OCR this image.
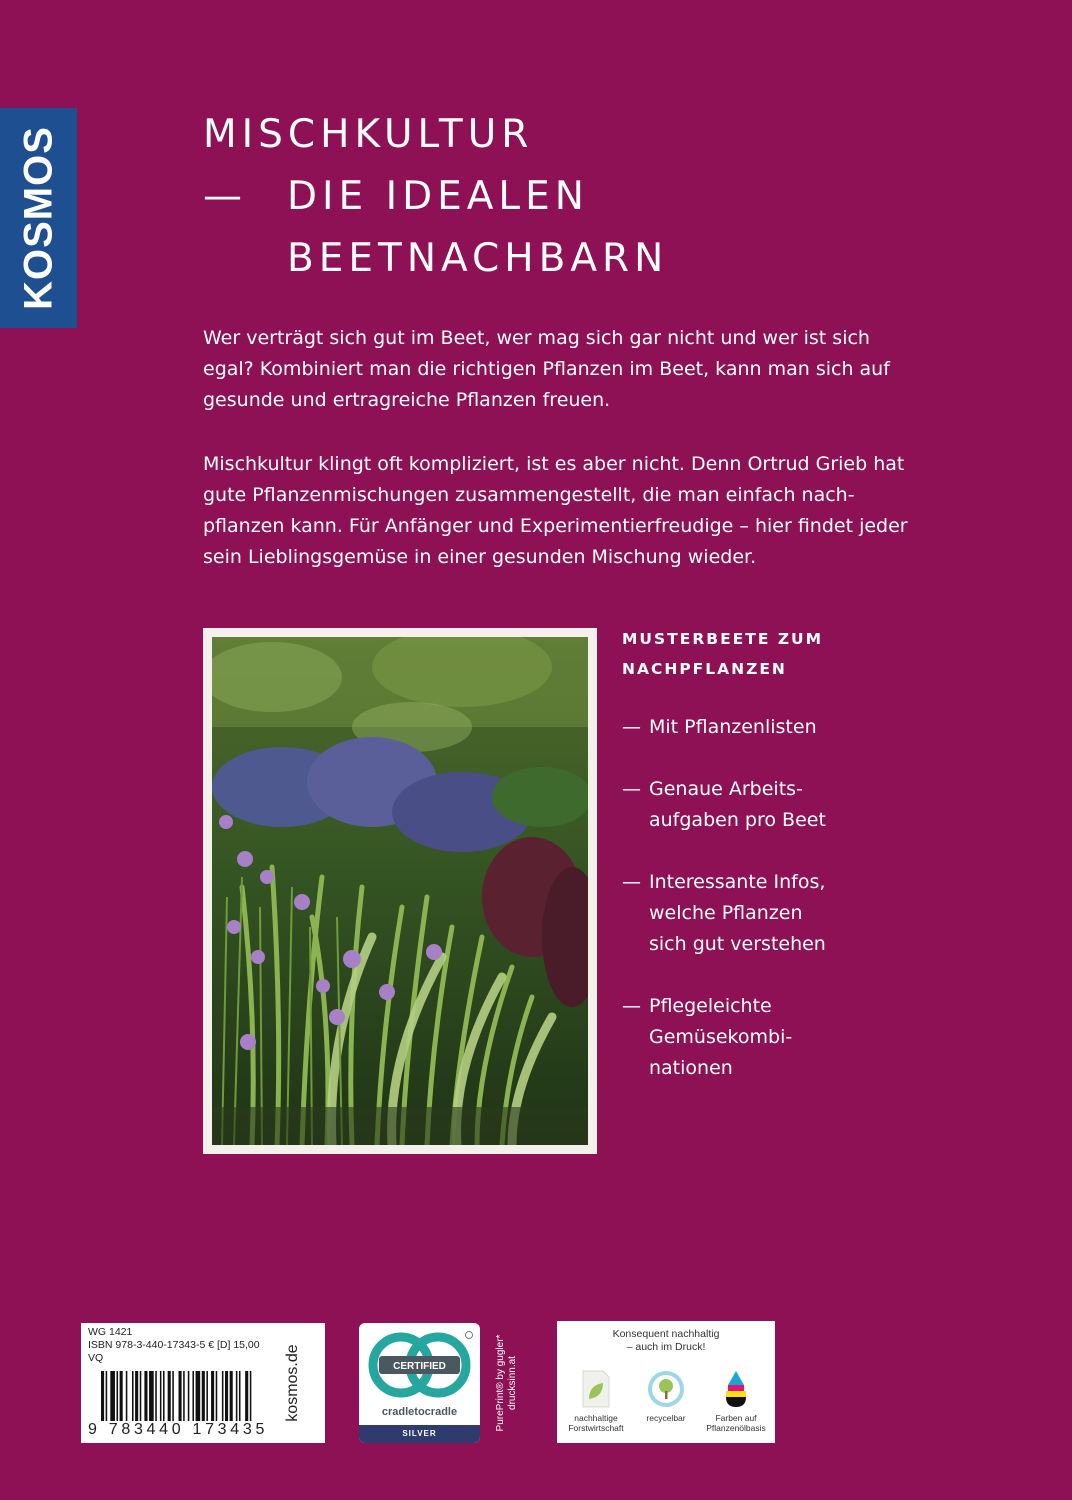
KOSMOS	MISCHKULTUR
— DIE IDEALEN
BEETNACHBARN

Wer verträgt sich gut im Beet, wer mag sich gar nicht und wer ist sich egal? Kombiniert man die richtigen Pflanzen im Beet, kann man sich auf gesunde und ertragreiche Pflanzen freuen.

Mischkultur klingt oft kompliziert, ist es aber nicht. Denn Ortrud Grieb hat gute Pflanzenmischungen zusammengestellt, die man einfach nach-pflanzen kann. Für Anfänger und Experimentierfreudige – hier findet jeder sein Lieblingsgemüse in einer gesunden Mischung wieder.

MUSTERBEETE ZUM
NACHPFLANZEN
— Mit Pflanzenlisten
— Genaue Arbeits-
aufgaben pro Beet
— Interessante Infos,
welche Pflanzen
sich gut verstehen
— Pflegeleichte
Gemüsekombi-
nationen
WG 1421
ISBN 978-3-440-17343-5 € [D] 15,00
VQ
9 783440 173435
kosmos.de	CERTIFIED
cradletocradle
SILVER
PurePrint® by gugler* drucksinn.at
Konsequent nachhaltig
– auch im Druck!
nachhaltige
Forstwirtschaft
recycelbar	Farben auf
Pflanzenölbasis
